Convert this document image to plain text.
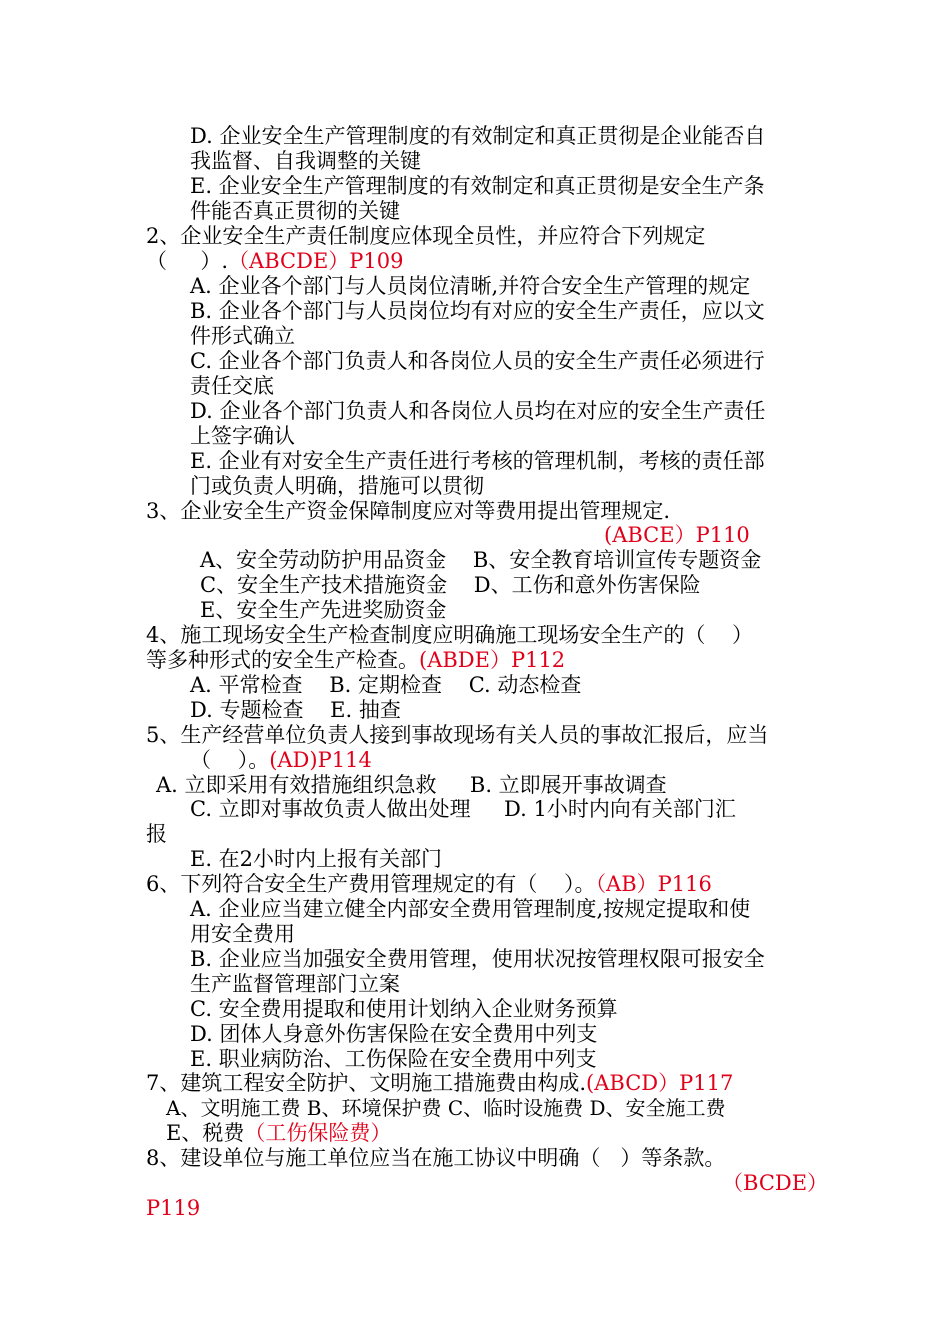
D. 企业安全生产管理制度的有效制定和真正贯彻是企业能否自
我监督、自我调整的关键
E. 企业安全生产管理制度的有效制定和真正贯彻是安全生产条
件能否真正贯彻的关键
2、企业安全生产责任制度应体现全员性，并应符合下列规定
（     ）.（ABCDE）P109
A. 企业各个部门与人员岗位清晰,并符合安全生产管理的规定
B. 企业各个部门与人员岗位均有对应的安全生产责任，应以文
件形式确立
C. 企业各个部门负责人和各岗位人员的安全生产责任必须进行
责任交底
D. 企业各个部门负责人和各岗位人员均在对应的安全生产责任
上签字确认
E. 企业有对安全生产责任进行考核的管理机制，考核的责任部
门或负责人明确，措施可以贯彻
3、企业安全生产资金保障制度应对等费用提出管理规定.
(ABCE）P110
A、安全劳动防护用品资金    B、安全教育培训宣传专题资金
C、安全生产技术措施资金    D、工伤和意外伤害保险
E、安全生产先进奖励资金
4、施工现场安全生产检查制度应明确施工现场安全生产的（    ）
等多种形式的安全生产检查。(ABDE）P112
A. 平常检查    B. 定期检查    C. 动态检查
D. 专题检查    E. 抽查
5、生产经营单位负责人接到事故现场有关人员的事故汇报后，应当
（    ）。(AD)P114
A. 立即采用有效措施组织急救     B. 立即展开事故调查
C. 立即对事故负责人做出处理     D. 1小时内向有关部门汇
报
E. 在2小时内上报有关部门
6、下列符合安全生产费用管理规定的有（    ）。（AB）P116
A. 企业应当建立健全内部安全费用管理制度,按规定提取和使
用安全费用
B. 企业应当加强安全费用管理，使用状况按管理权限可报安全
生产监督管理部门立案
C. 安全费用提取和使用计划纳入企业财务预算
D. 团体人身意外伤害保险在安全费用中列支
E. 职业病防治、工伤保险在安全费用中列支
7、建筑工程安全防护、文明施工措施费由构成.(ABCD）P117
A、文明施工费 B、环境保护费 C、临时设施费 D、安全施工费
E、税费（工伤保险费）
8、建设单位与施工单位应当在施工协议中明确（   ）等条款。
（BCDE）
P119
